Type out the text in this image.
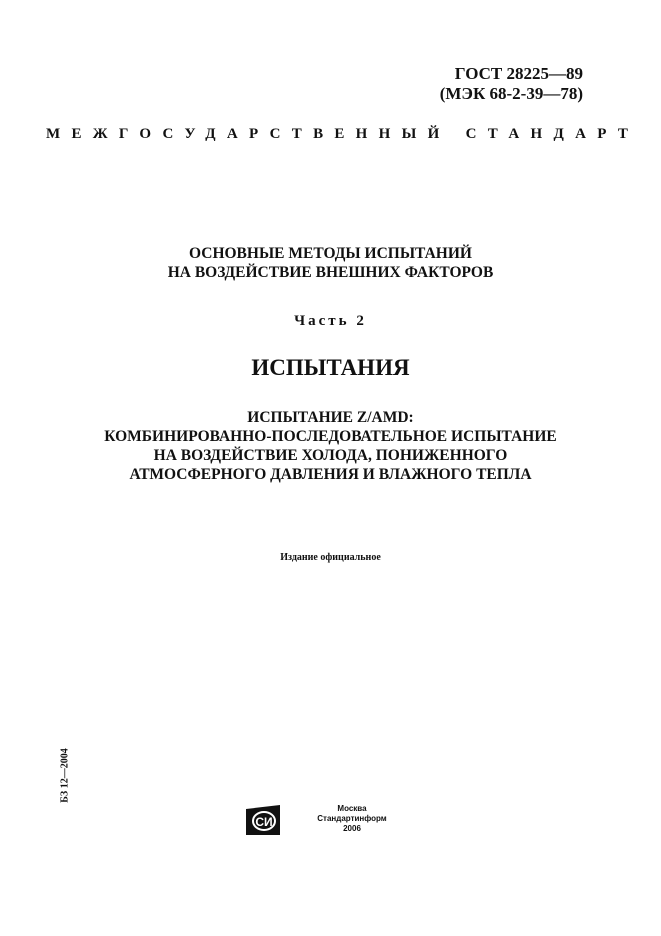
ГОСТ 28225—89
(МЭК 68-2-39—78)
МЕЖГОСУДАРСТВЕННЫЙ СТАНДАРТ
ОСНОВНЫЕ МЕТОДЫ ИСПЫТАНИЙ
НА ВОЗДЕЙСТВИЕ ВНЕШНИХ ФАКТОРОВ
Часть 2
ИСПЫТАНИЯ
ИСПЫТАНИЕ Z/AMD:
КОМБИНИРОВАННО-ПОСЛЕДОВАТЕЛЬНОЕ ИСПЫТАНИЕ
НА ВОЗДЕЙСТВИЕ ХОЛОДА, ПОНИЖЕННОГО
АТМОСФЕРНОГО ДАВЛЕНИЯ И ВЛАЖНОГО ТЕПЛА
Издание официальное
БЗ 12—2004
СИ
Москва
Стандартинформ
2006
